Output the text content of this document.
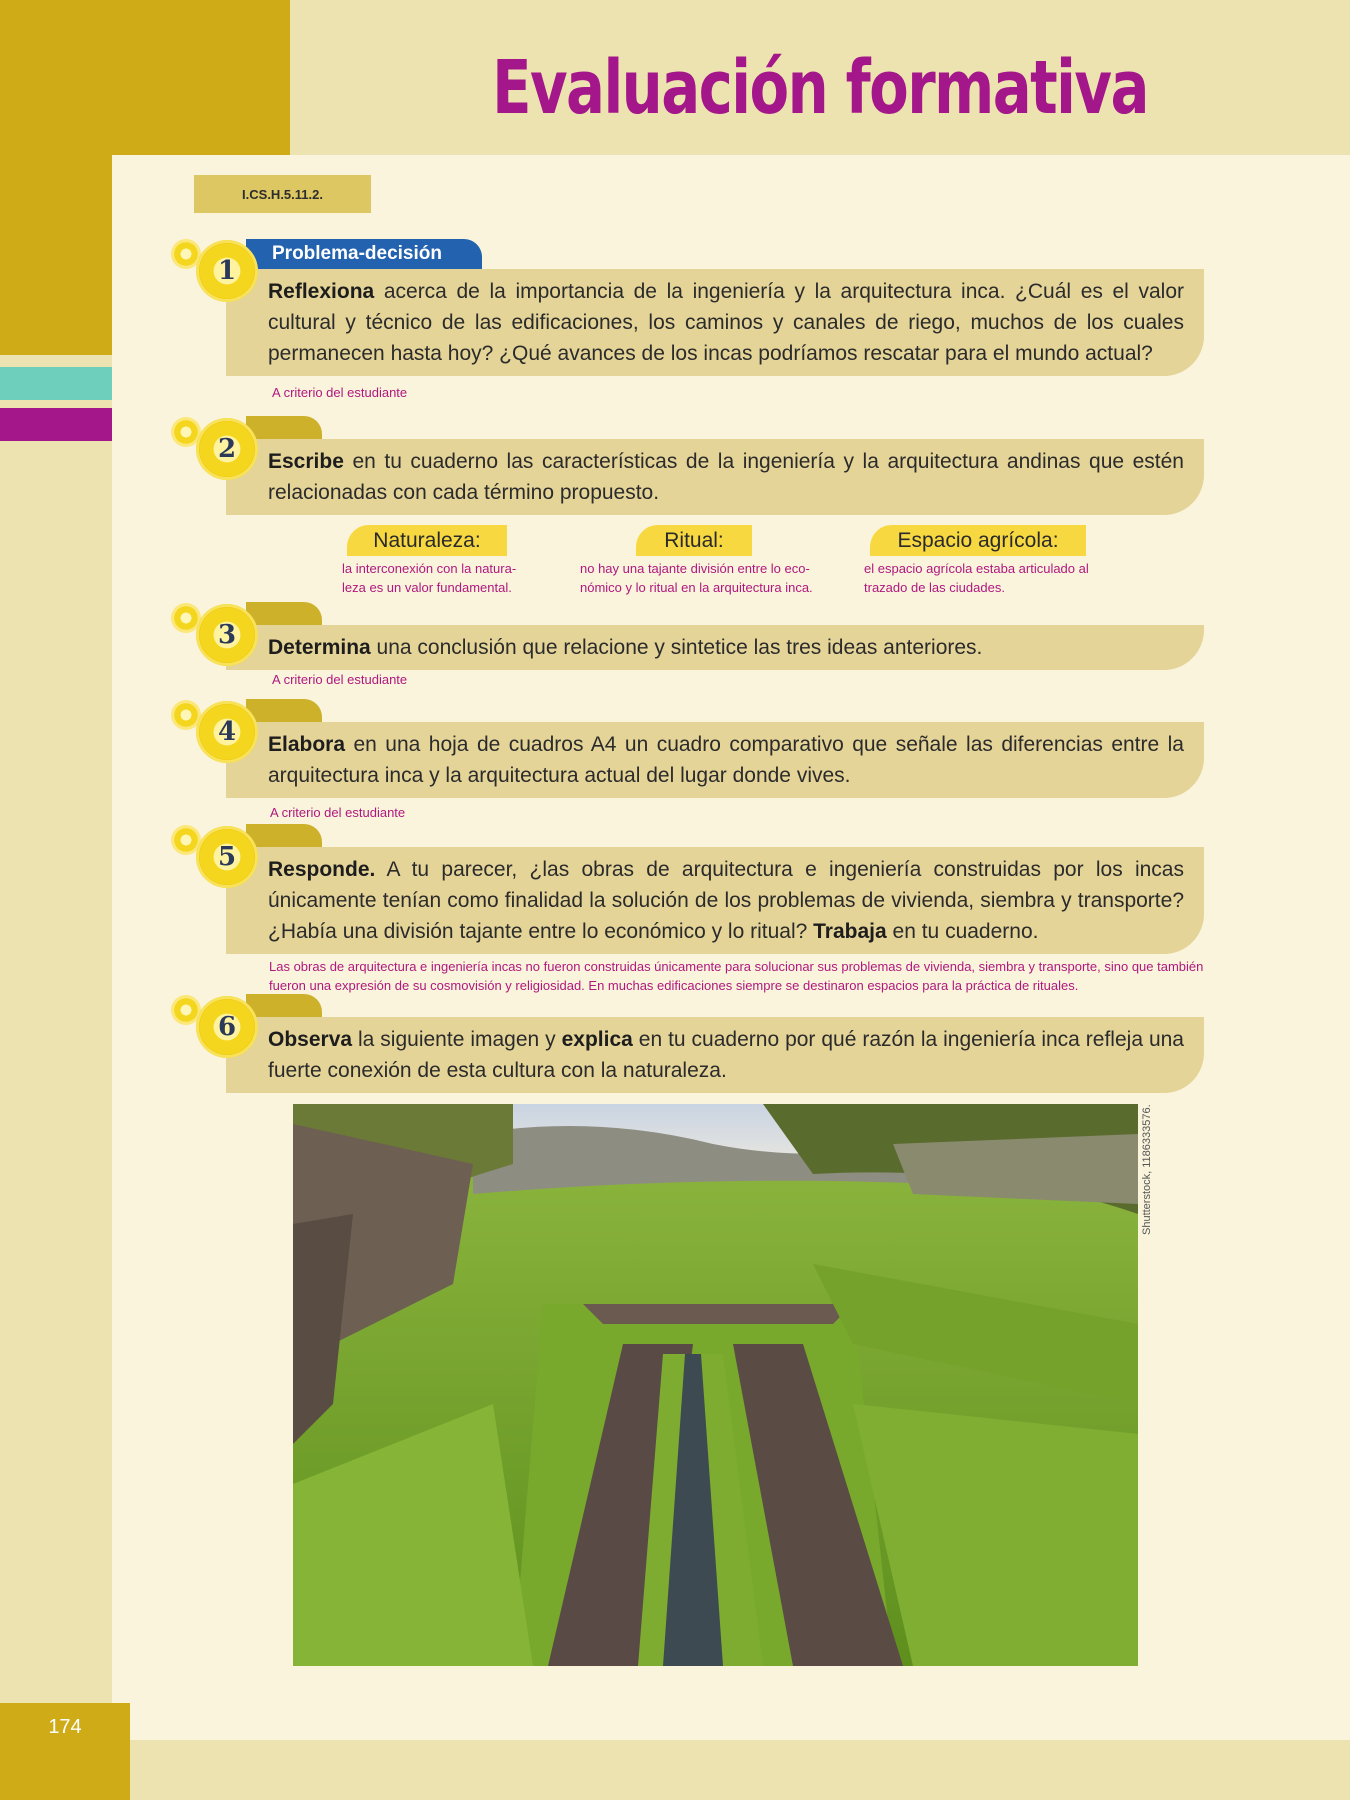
Evaluación formativa
174
I.CS.H.5.11.2.
Problema-decisión
Reflexiona acerca de la importancia de la ingeniería y la arquitectura inca. ¿Cuál es el valor cultural y técnico de las edificaciones, los caminos y canales de riego, muchos de los cuales permanecen hasta hoy? ¿Qué avances de los incas podríamos rescatar para el mundo actual?
1
A criterio del estudiante
Escribe en tu cuaderno las características de la ingeniería y la arquitectura andinas que estén relacionadas con cada término propuesto.
2
Naturaleza:	Ritual:	Espacio agrícola:
la interconexión con la natura-
leza es un valor fundamental.
no hay una tajante división entre lo eco-
nómico y lo ritual en la arquitectura inca.
el espacio agrícola estaba articulado al
trazado de las ciudades.
Determina una conclusión que relacione y sintetice las tres ideas anteriores.
3
A criterio del estudiante
Elabora en una hoja de cuadros A4 un cuadro comparativo que señale las diferencias entre la arquitectura inca y la arquitectura actual del lugar donde vives.
4
A criterio del estudiante
Responde. A tu parecer, ¿las obras de arquitectura e ingeniería construidas por los incas únicamente tenían como finalidad la solución de los problemas de vivienda, siembra y transporte? ¿Había una división tajante entre lo económico y lo ritual? Trabaja en tu cuaderno.
5
Las obras de arquitectura e ingeniería incas no fueron construidas únicamente para solucionar sus problemas de vivienda, siembra y transporte, sino que también fueron una expresión de su cosmovisión y religiosidad. En muchas edificaciones siempre se destinaron espacios para la práctica de rituales.
Observa la siguiente imagen y explica en tu cuaderno por qué razón la ingeniería inca refleja una fuerte conexión de esta cultura con la naturaleza.
6
Shutterstock, 1186333576.
